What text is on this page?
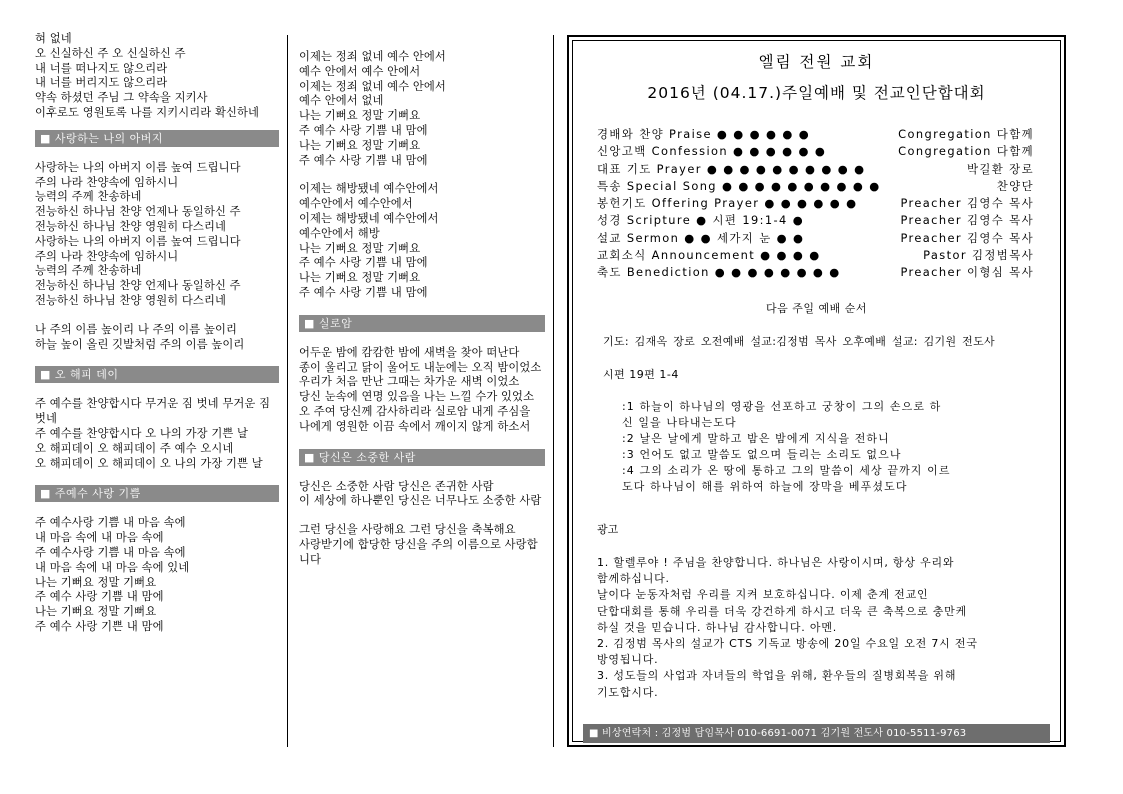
혀 없네
오 신실하신 주 오 신실하신 주
내 너를 떠나지도 않으리라
내 너를 버리지도 않으리라
약속 하셨던 주님 그 약속을 지키사
이후로도 영원토록 나를 지키시리라 확신하네

■ 사랑하는 나의 아버지

사랑하는 나의 아버지 이름 높여 드립니다
주의 나라 찬양속에 임하시니
능력의 주께 찬송하네
전능하신 하나님 찬양 언제나 동일하신 주
전능하신 하나님 찬양 영원히 다스리네
사랑하는 나의 아버지 이름 높여 드립니다
주의 나라 찬양속에 임하시니
능력의 주께 찬송하네
전능하신 하나님 찬양 언제나 동일하신 주
전능하신 하나님 찬양 영원히 다스리네

나 주의 이름 높이리 나 주의 이름 높이리
하늘 높이 올린 깃발처럼 주의 이름 높이리

■ 오 해피 데이

주 예수를 찬양합시다 무거운 짐 벗네 무거운 짐 벗네
주 예수를 찬양합시다 오 나의 가장 기쁜 날
오 해피데이 오 해피데이 주 예수 오시네
오 해피데이 오 해피데이 오 나의 가장 기쁜 날

■ 주예수 사랑 기쁨

주 예수사랑 기쁨 내 마음 속에
내 마음 속에 내 마음 속에
주 예수사랑 기쁨 내 마음 속에
내 마음 속에 내 마음 속에 있네
나는 기뻐요 정말 기뻐요
주 예수 사랑 기쁨 내 맘에
나는 기뻐요 정말 기뻐요
주 예수 사랑 기쁜 내 맘에

이제는 정죄 없네 예수 안에서
예수 안에서 예수 안에서
이제는 정죄 없네 예수 안에서
예수 안에서 없네
나는 기뻐요 정말 기뻐요
주 예수 사랑 기쁨 내 맘에
나는 기뻐요 정말 기뻐요
주 예수 사랑 기쁨 내 맘에

이제는 해방됐네 예수안에서
예수안에서 예수안에서
이제는 해방됐네 예수안에서
예수안에서 해방
나는 기뻐요 정말 기뻐요
주 예수 사랑 기쁨 내 맘에
나는 기뻐요 정말 기뻐요
주 예수 사랑 기쁨 내 맘에

■ 실로암

어두운 밤에 캄캄한 밤에 새벽을 찾아 떠난다
종이 울리고 닭이 울어도 내눈에는 오직 밤이었소
우리가 처음 만난 그때는 차가운 새벽 이었소
당신 눈속에 연명 있음을 나는 느낄 수가 있었소
오 주여 당신께 감사하리라 실로암 내게 주심을
나에게 영원한 이끔 속에서 깨이지 않게 하소서

■ 당신은 소중한 사람

당신은 소중한 사람 당신은 존귀한 사람
이 세상에 하나뿐인 당신은 너무나도 소중한 사람

그런 당신을 사랑해요 그런 당신을 축복해요
사랑받기에 합당한 당신을 주의 이름으로 사랑합니다

엘림 전원 교회
2016년 (04.17.)주일예배 및 전교인단합대회
경배와 찬양 Praise ● ● ● ● ● ●	Congregation 다함께
신앙고백 Confession ● ● ● ● ● ●	Congregation 다함께
대표 기도 Prayer ● ● ● ● ● ● ● ● ● ●	박길환 장로
특송 Special Song ● ● ● ● ● ● ● ● ● ●	찬양단
봉헌기도 Offering Prayer ● ● ● ● ● ●	Preacher 김영수 목사
성경 Scripture ● 시편 19:1-4 ●	Preacher 김영수 목사
설교 Sermon ● ● 세가지 눈 ● ●	Preacher 김영수 목사
교회소식 Announcement ● ● ● ●	Pastor 김정범목사
축도 Benediction ● ● ● ● ● ● ● ●	Preacher 이형심 목사
다음 주일 예배 순서
기도: 김재옥 장로 오전예배 설교:김정범 목사 오후예배 설교: 김기원 전도사
시편 19편 1-4
:1 하늘이 하나님의 영광을 선포하고 궁창이 그의 손으로 하
신 일을 나타내는도다
:2 날은 날에게 말하고 밤은 밤에게 지식을 전하니
:3 언어도 없고 말씀도 없으며 들리는 소리도 없으나
:4 그의 소리가 온 땅에 통하고 그의 말씀이 세상 끝까지 이르
도다 하나님이 해를 위하여 하늘에 장막을 베푸셨도다
광고
1. 할렐루야 ! 주님을 찬양합니다. 하나님은 사랑이시며, 항상 우리와
함께하십니다.
날이다 눈동자처럼 우리를 지켜 보호하십니다. 이제 춘계 전교인
단합대회를 통해 우리를 더욱 강건하게 하시고 더욱 큰 축복으로 충만케
하실 것을 믿습니다. 하나님 감사합니다. 아멘.
2. 김정범 목사의 설교가 CTS 기독교 방송에 20일 수요일 오전 7시 전국
방영됩니다.
3. 성도들의 사업과 자녀들의 학업을 위해, 환우들의 질병회복을 위해
기도합시다.
■ 비상연락처 : 김정범 담임목사 010-6691-0071 김기원 전도사 010-5511-9763
